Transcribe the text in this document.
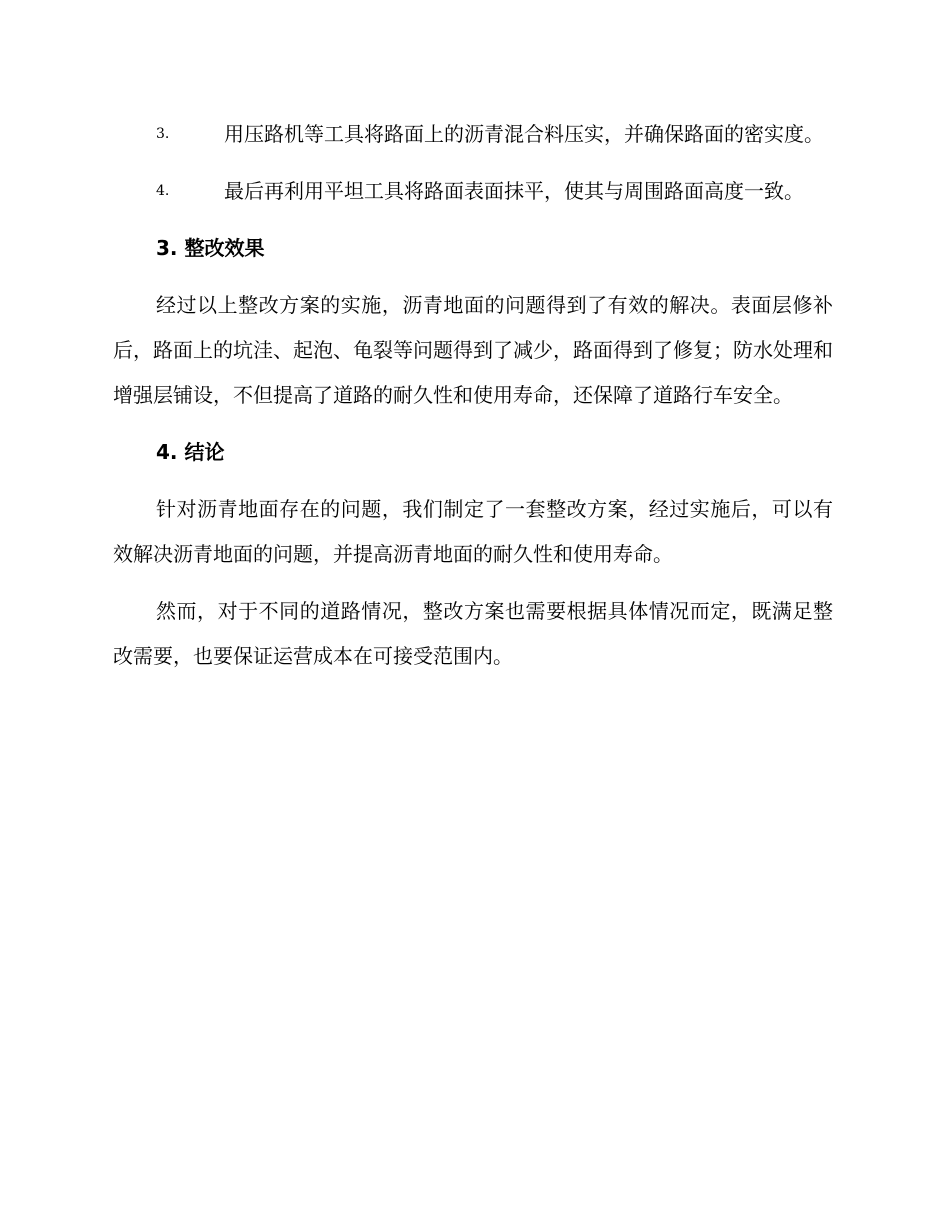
3.	用压路机等工具将路面上的沥青混合料压实，并确保路面的密实度。
4.	最后再利用平坦工具将路面表面抹平，使其与周围路面高度一致。
3. 整改效果

经过以上整改方案的实施，沥青地面的问题得到了有效的解决。表面层修补后，路面上的坑洼、起泡、龟裂等问题得到了减少，路面得到了修复；防水处理和增强层铺设，不但提高了道路的耐久性和使用寿命，还保障了道路行车安全。

4. 结论

针对沥青地面存在的问题，我们制定了一套整改方案，经过实施后，可以有效解决沥青地面的问题，并提高沥青地面的耐久性和使用寿命。

然而，对于不同的道路情况，整改方案也需要根据具体情况而定，既满足整改需要，也要保证运营成本在可接受范围内。
